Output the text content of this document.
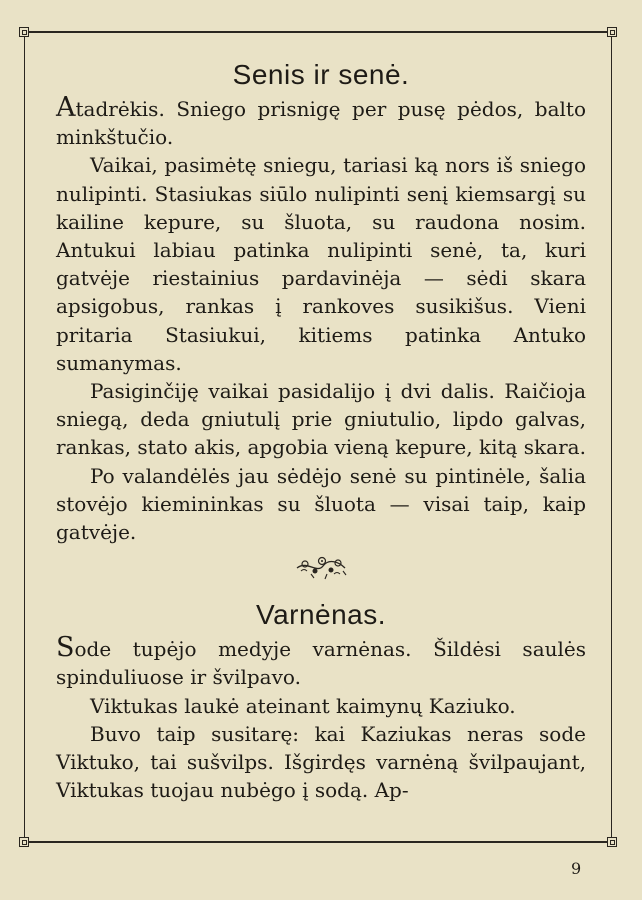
Senis ir senė.

Atadrėkis. Sniego prisnigę per pusę pėdos, balto minkštučio.

Vaikai, pasimėtę sniegu, tariasi ką nors iš sniego nulipinti. Stasiukas siūlo nulipinti senį kiemsargį su kailine kepure, su šluota, su raudona nosim. Antukui labiau patinka nulipinti senė, ta, kuri gatvėje riestainius pardavinėja — sėdi skara apsigobus, rankas į rankoves susikišus. Vieni pritaria Stasiukui, kitiems patinka Antuko sumanymas.

Pasiginčiję vaikai pasidalijo į dvi dalis. Raičioja sniegą, deda gniutulį prie gniutulio, lipdo galvas, rankas, stato akis, apgobia vieną kepure, kitą skara.

Po valandėlės jau sėdėjo senė su pintinėle, šalia stovėjo kiemininkas su šluota — visai taip, kaip gatvėje.

Varnėnas.

Sode tupėjo medyje varnėnas. Šildėsi saulės spinduliuose ir švilpavo.

Viktukas laukė ateinant kaimynų Kaziuko.

Buvo taip susitarę: kai Kaziukas neras sode Viktuko, tai sušvilps. Išgirdęs varnėną švilpaujant, Viktukas tuojau nubėgo į sodą. Ap-

9
